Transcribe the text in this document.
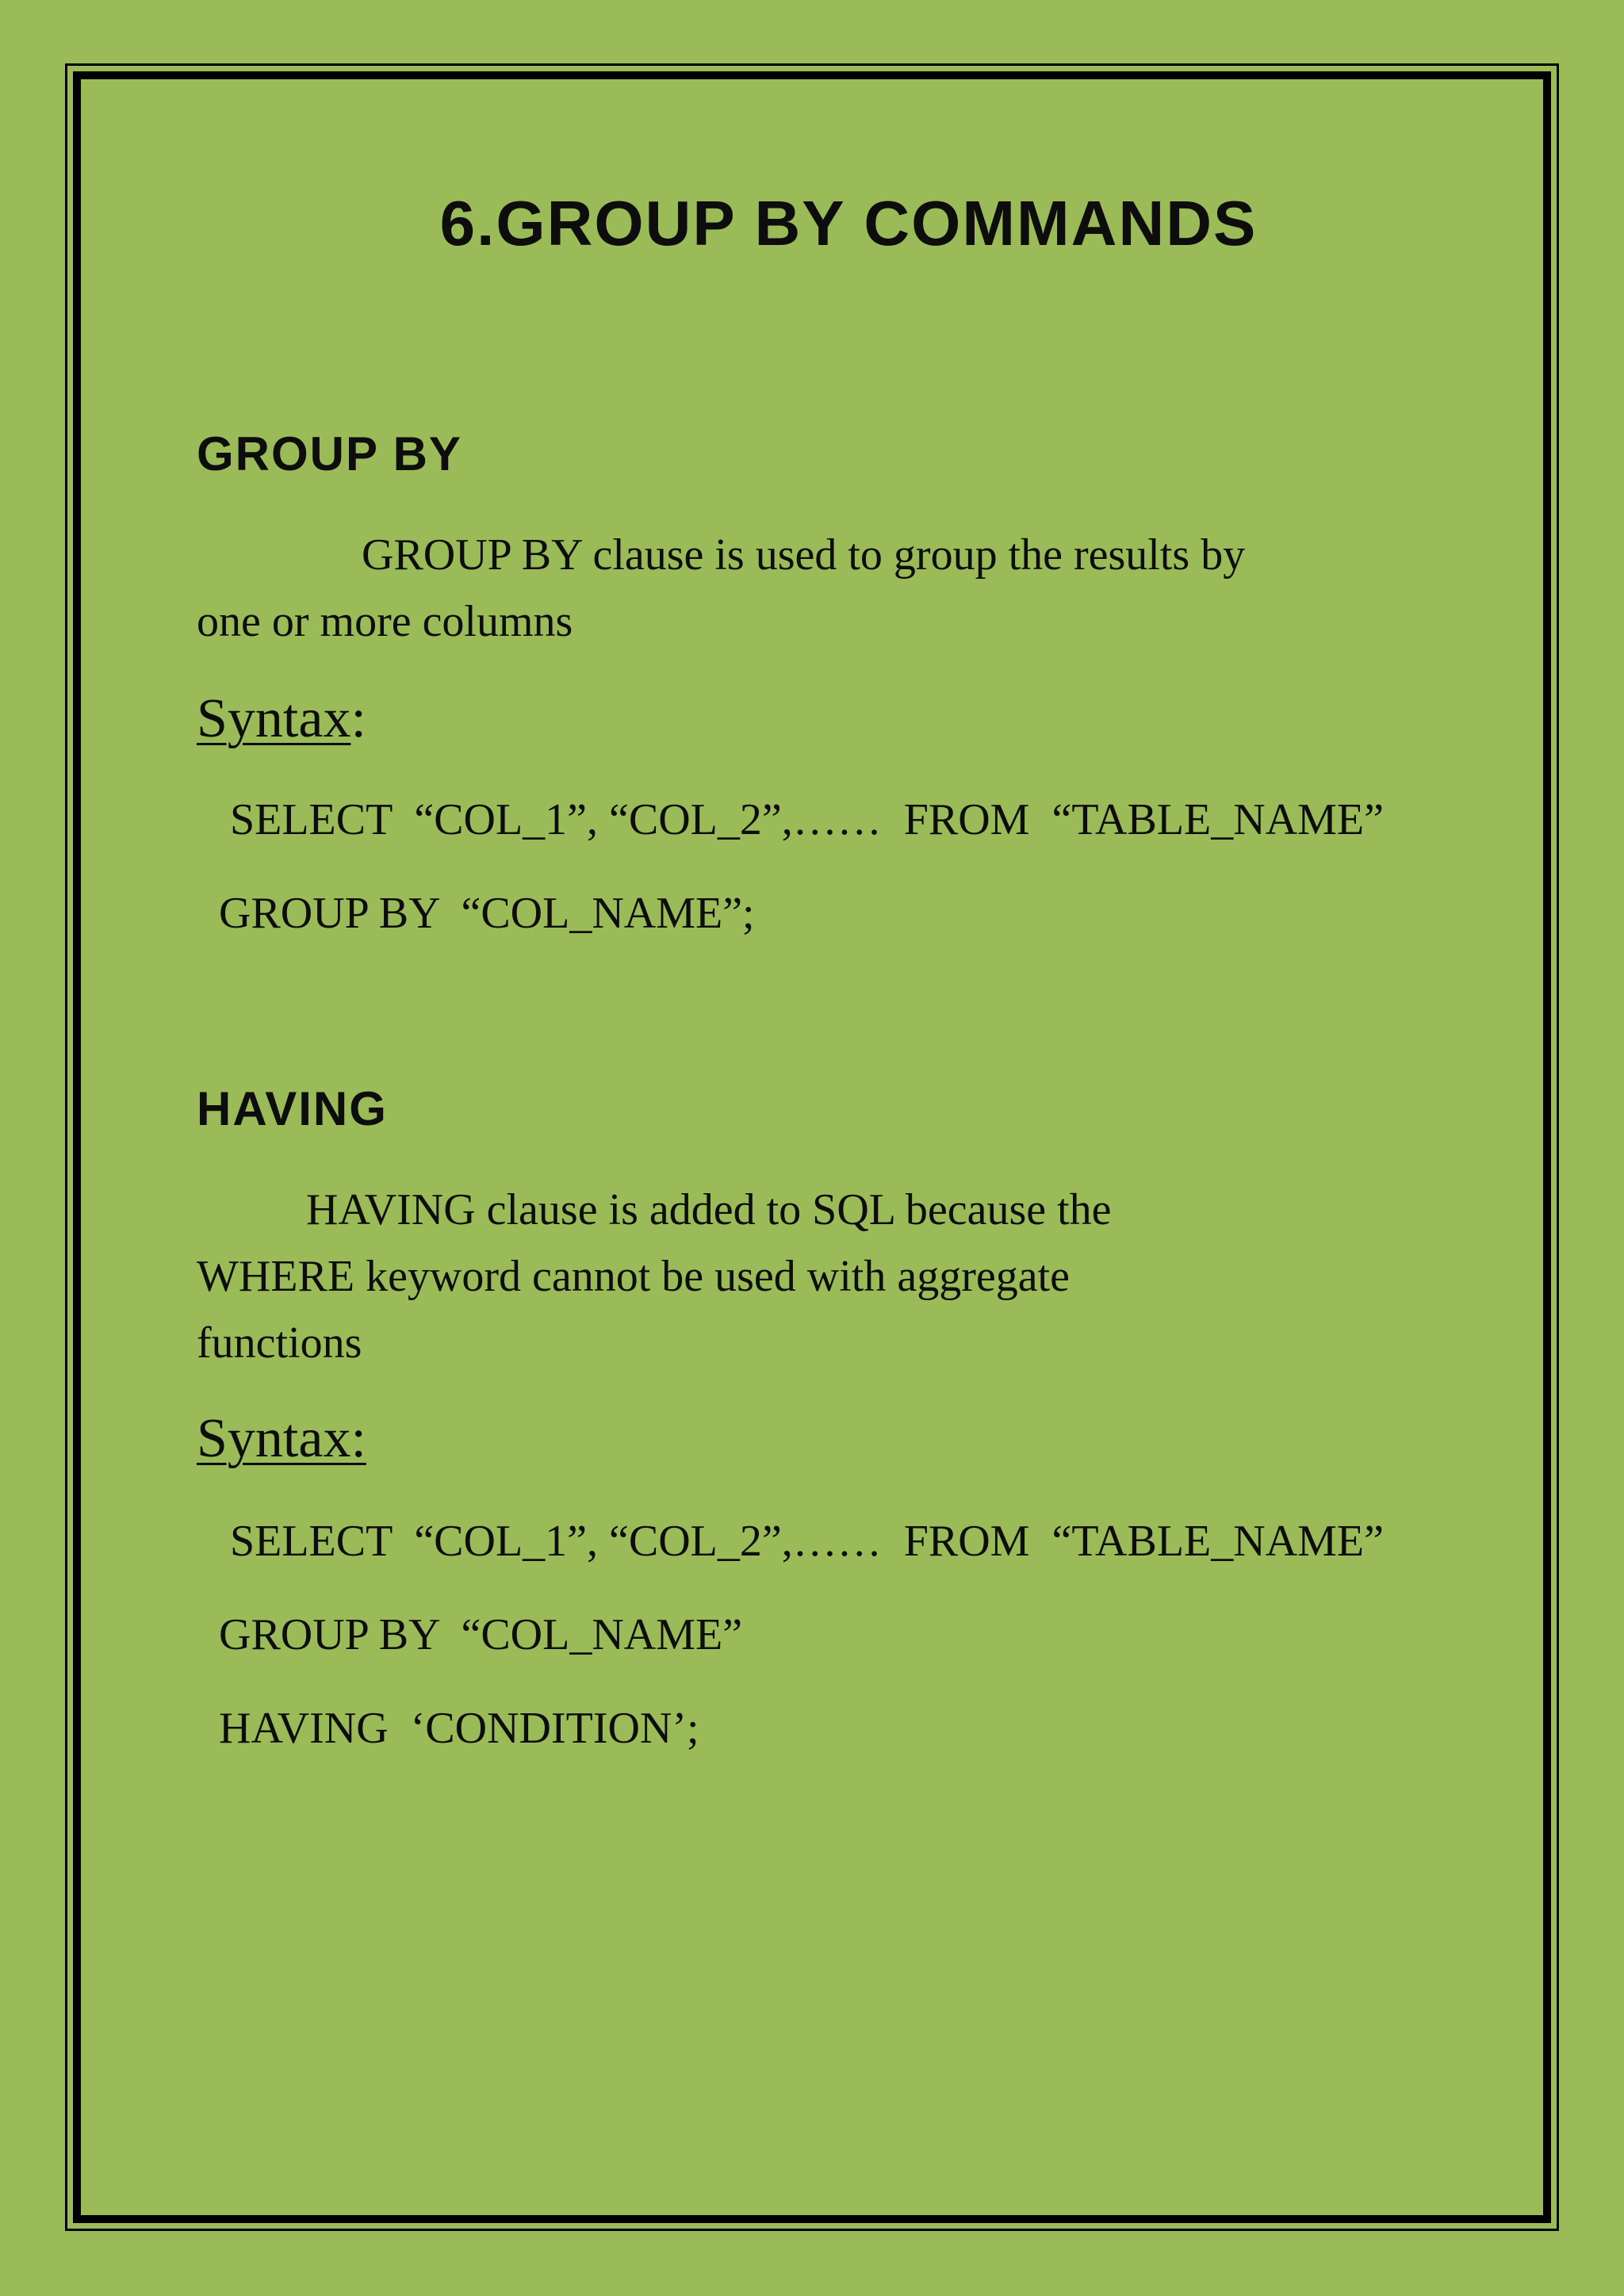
6.GROUP BY COMMANDS
GROUP BY
GROUP BY clause is used to group the results by
one or more columns
Syntax:
SELECT  “COL_1”, “COL_2”,……  FROM  “TABLE_NAME”
GROUP BY  “COL_NAME”;
HAVING
HAVING clause is added to SQL because the
WHERE keyword cannot be used with aggregate
functions
Syntax:
SELECT  “COL_1”, “COL_2”,……  FROM  “TABLE_NAME”
GROUP BY  “COL_NAME”
HAVING  ‘CONDITION’;
